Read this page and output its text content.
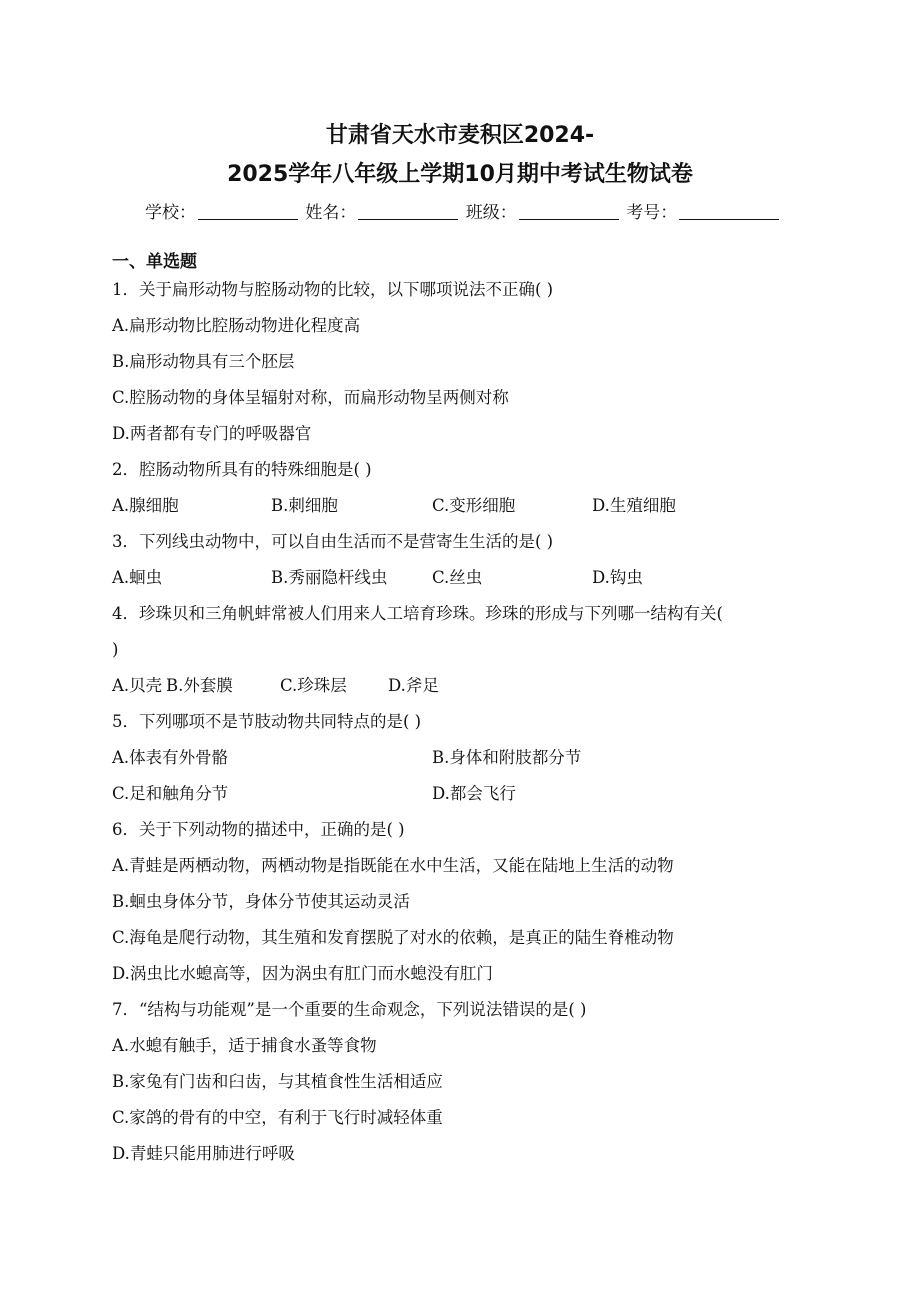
甘肃省天水市麦积区2024-
2025学年八年级上学期10月期中考试生物试卷
学校：	姓名：	班级：	考号：
一、单选题
1．关于扁形动物与腔肠动物的比较，以下哪项说法不正确( )
A.扁形动物比腔肠动物进化程度高
B.扁形动物具有三个胚层
C.腔肠动物的身体呈辐射对称，而扁形动物呈两侧对称
D.两者都有专门的呼吸器官
2．腔肠动物所具有的特殊细胞是( )
A.腺细胞	B.刺细胞	C.变形细胞	D.生殖细胞
3．下列线虫动物中，可以自由生活而不是营寄生生活的是( )
A.蛔虫	B.秀丽隐杆线虫	C.丝虫	D.钩虫
4．珍珠贝和三角帆蚌常被人们用来人工培育珍珠。珍珠的形成与下列哪一结构有关(
)
A.贝壳 B.外套膜	C.珍珠层 D.斧足
5．下列哪项不是节肢动物共同特点的是( )
A.体表有外骨骼	B.身体和附肢都分节
C.足和触角分节	D.都会飞行
6．关于下列动物的描述中，正确的是( )
A.青蛙是两栖动物，两栖动物是指既能在水中生活，又能在陆地上生活的动物
B.蛔虫身体分节，身体分节使其运动灵活
C.海龟是爬行动物，其生殖和发育摆脱了对水的依赖，是真正的陆生脊椎动物
D.涡虫比水螅高等，因为涡虫有肛门而水螅没有肛门
7．“结构与功能观”是一个重要的生命观念，下列说法错误的是( )
A.水螅有触手，适于捕食水蚤等食物
B.家兔有门齿和臼齿，与其植食性生活相适应
C.家鸽的骨有的中空，有利于飞行时减轻体重
D.青蛙只能用肺进行呼吸
